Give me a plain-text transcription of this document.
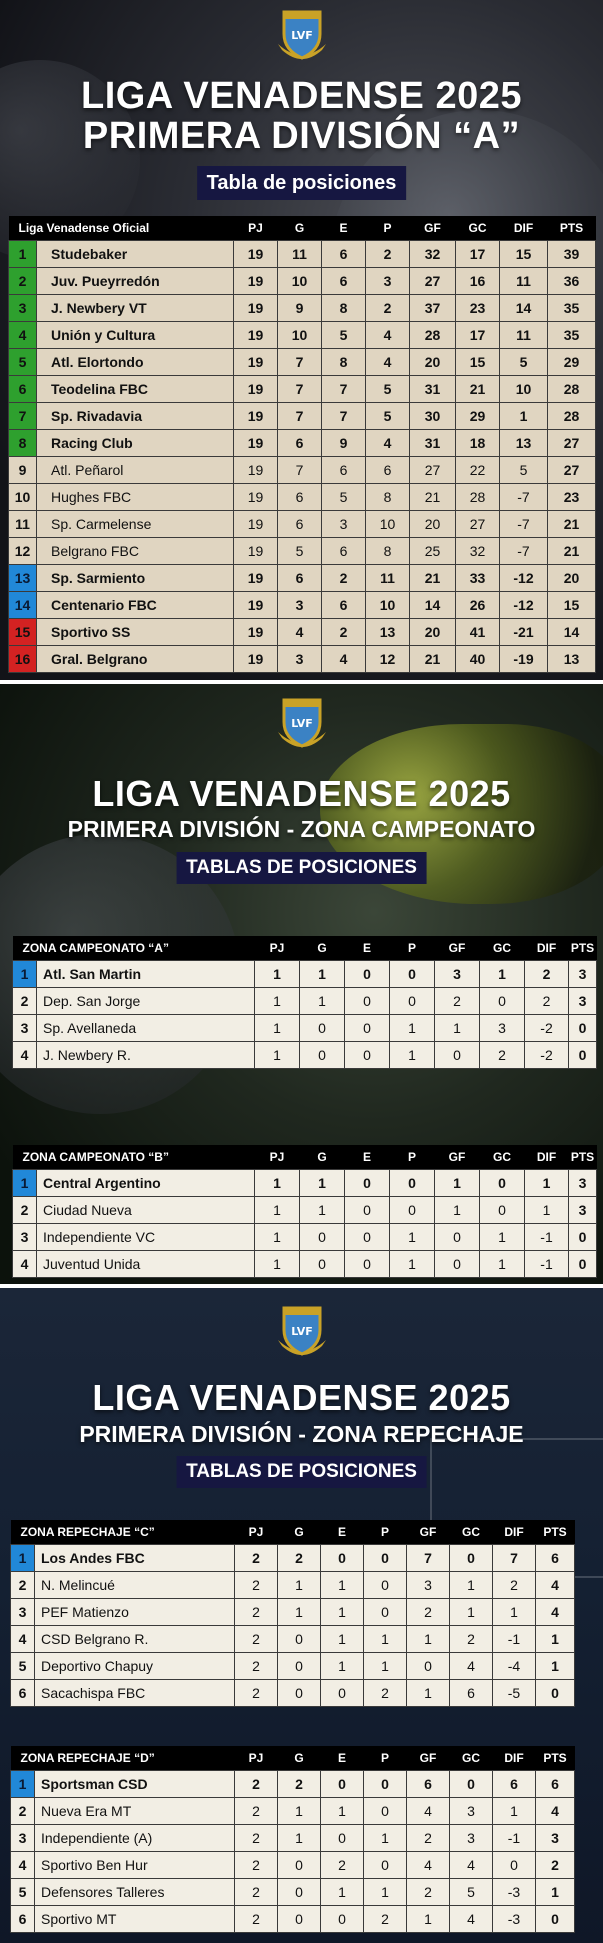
LVF
LIGA VENADENSE 2025
PRIMERA DIVISIÓN “A”
Tabla de posiciones
Liga Venadense Oficial		PJ	G	E	P	GF	GC	DIF	PTS
1	Studebaker	19	11	6	2	32	17	15	39
2	Juv. Pueyrredón	19	10	6	3	27	16	11	36
3	J. Newbery VT	19	9	8	2	37	23	14	35
4	Unión y Cultura	19	10	5	4	28	17	11	35
5	Atl. Elortondo	19	7	8	4	20	15	5	29
6	Teodelina FBC	19	7	7	5	31	21	10	28
7	Sp. Rivadavia	19	7	7	5	30	29	1	28
8	Racing Club	19	6	9	4	31	18	13	27
9	Atl. Peñarol	19	7	6	6	27	22	5	27
10	Hughes FBC	19	6	5	8	21	28	-7	23
11	Sp. Carmelense	19	6	3	10	20	27	-7	21
12	Belgrano FBC	19	5	6	8	25	32	-7	21
13	Sp. Sarmiento	19	6	2	11	21	33	-12	20
14	Centenario FBC	19	3	6	10	14	26	-12	15
15	Sportivo SS	19	4	2	13	20	41	-21	14
16	Gral. Belgrano	19	3	4	12	21	40	-19	13
LVF
LIGA VENADENSE 2025
PRIMERA DIVISIÓN - ZONA CAMPEONATO
TABLAS DE POSICIONES
ZONA CAMPEONATO “A”		PJ	G	E	P	GF	GC	DIF	PTS
1	Atl. San Martin	1	1	0	0	3	1	2	3
2	Dep. San Jorge	1	1	0	0	2	0	2	3
3	Sp. Avellaneda	1	0	0	1	1	3	-2	0
4	J. Newbery R.	1	0	0	1	0	2	-2	0
ZONA CAMPEONATO “B”		PJ	G	E	P	GF	GC	DIF	PTS
1	Central Argentino	1	1	0	0	1	0	1	3
2	Ciudad Nueva	1	1	0	0	1	0	1	3
3	Independiente VC	1	0	0	1	0	1	-1	0
4	Juventud Unida	1	0	0	1	0	1	-1	0
LVF
LIGA VENADENSE 2025
PRIMERA DIVISIÓN - ZONA REPECHAJE
TABLAS DE POSICIONES
ZONA REPECHAJE “C”		PJ	G	E	P	GF	GC	DIF	PTS
1	Los Andes FBC	2	2	0	0	7	0	7	6
2	N. Melincué	2	1	1	0	3	1	2	4
3	PEF Matienzo	2	1	1	0	2	1	1	4
4	CSD Belgrano R.	2	0	1	1	1	2	-1	1
5	Deportivo Chapuy	2	0	1	1	0	4	-4	1
6	Sacachispa FBC	2	0	0	2	1	6	-5	0
ZONA REPECHAJE “D”		PJ	G	E	P	GF	GC	DIF	PTS
1	Sportsman CSD	2	2	0	0	6	0	6	6
2	Nueva Era MT	2	1	1	0	4	3	1	4
3	Independiente (A)	2	1	0	1	2	3	-1	3
4	Sportivo Ben Hur	2	0	2	0	4	4	0	2
5	Defensores Talleres	2	0	1	1	2	5	-3	1
6	Sportivo MT	2	0	0	2	1	4	-3	0
